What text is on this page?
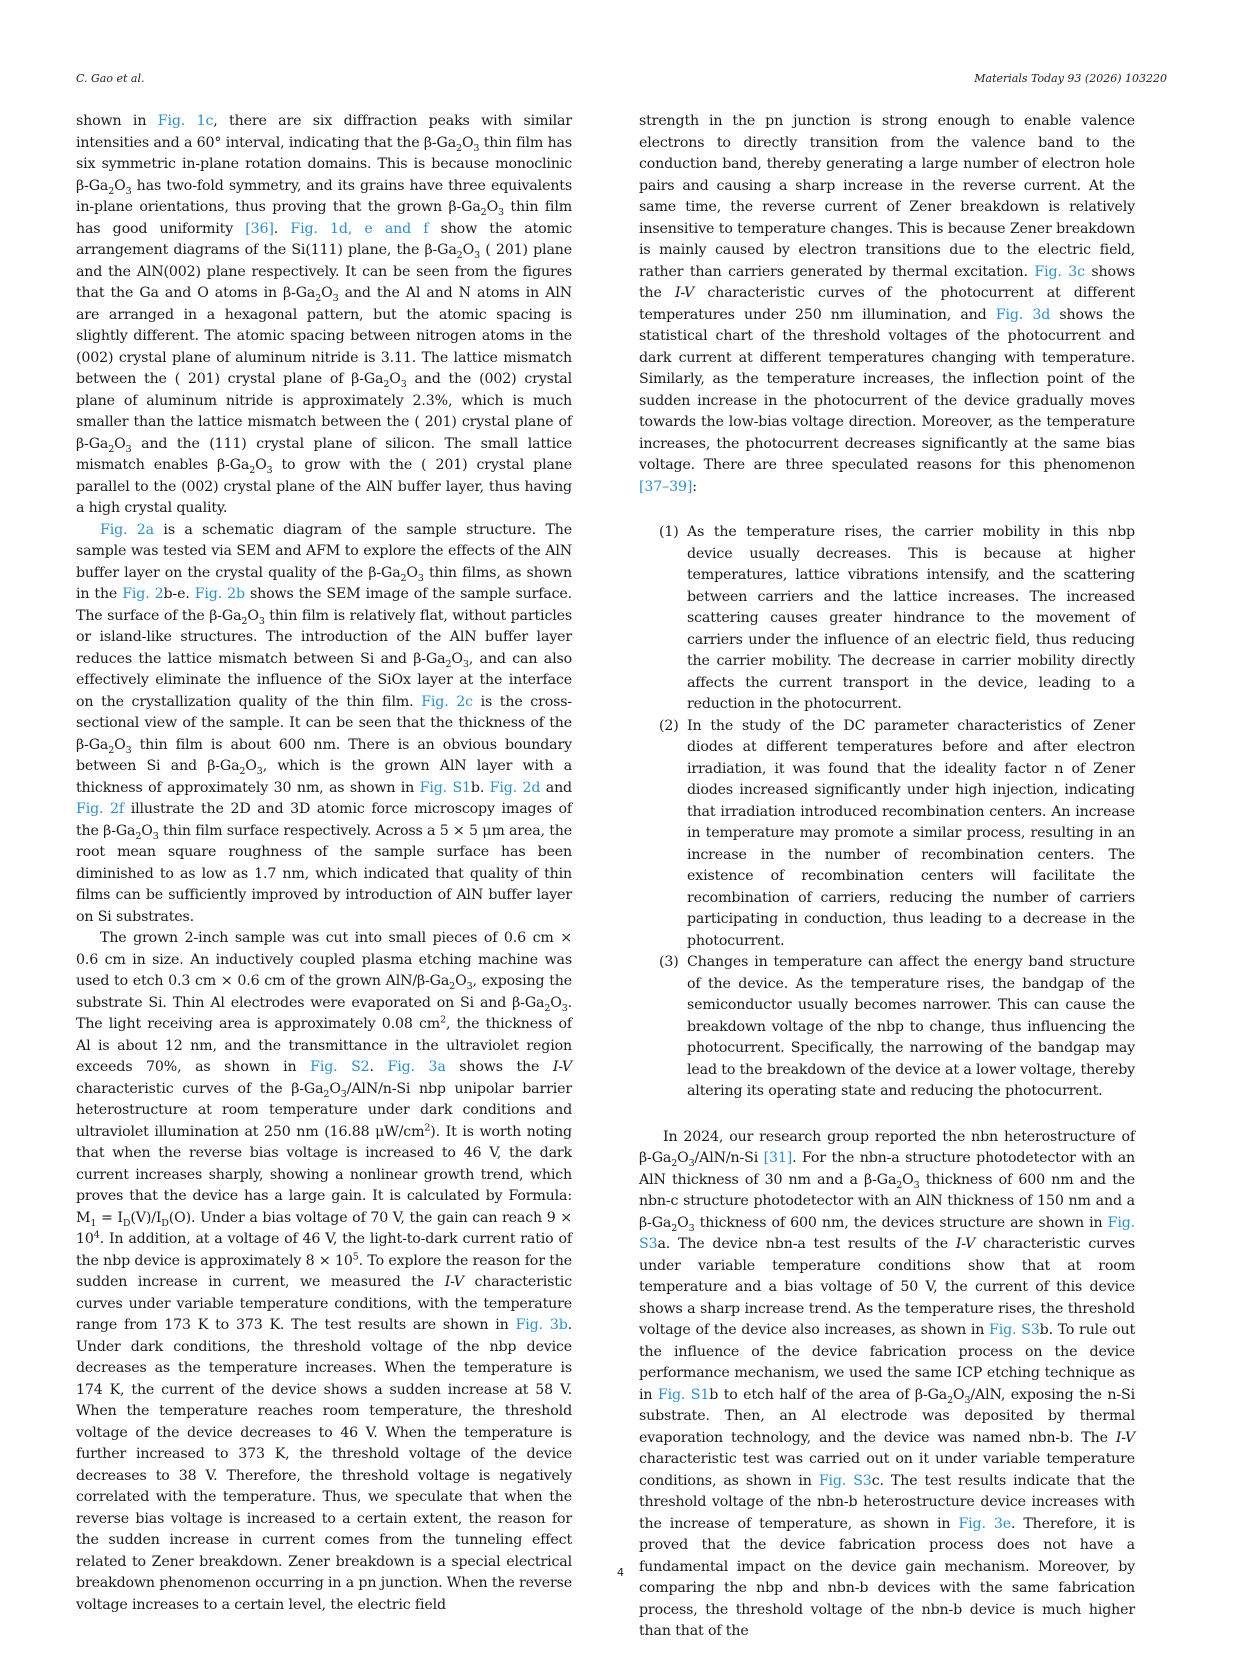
C. Gao et al.	Materials Today 93 (2026) 103220

shown in Fig. 1c, there are six diffraction peaks with similar intensities and a 60° interval, indicating that the $\beta-Ga_2O_3$ thin film has six symmetric in-plane rotation domains. This is because monoclinic $\beta-Ga_2O_3$ has two-fold symmetry, and its grains have three equivalents in-plane orientations, thus proving that the grown $\beta-Ga_2O_3$ thin film has good uniformity [36]. Fig. 1d, e and f show the atomic arrangement diagrams of the Si(111) plane, the $\beta-Ga_2O_3$ ( 201) plane and the AlN(002) plane respectively. It can be seen from the figures that the Ga and O atoms in $\beta-Ga_2O_3$ and the Al and N atoms in AlN are arranged in a hexagonal pattern, but the atomic spacing is slightly different. The atomic spacing between nitrogen atoms in the (002) crystal plane of aluminum nitride is 3.11. The lattice mismatch between the ( 201) crystal plane of $\beta-Ga_2O_3$ and the (002) crystal plane of aluminum nitride is approximately 2.3%, which is much smaller than the lattice mismatch between the ( 201) crystal plane of $\beta-Ga_2O_3$ and the (111) crystal plane of silicon. The small lattice mismatch enables $\beta-Ga_2O_3$ to grow with the ( 201) crystal plane parallel to the (002) crystal plane of the AlN buffer layer, thus having a high crystal quality.

Fig. 2a is a schematic diagram of the sample structure. The sample was tested via SEM and AFM to explore the effects of the AlN buffer layer on the crystal quality of the $\beta-Ga_2O_3$ thin films, as shown in the Fig. 2b-e. Fig. 2b shows the SEM image of the sample surface. The surface of the $\beta-Ga_2O_3$ thin film is relatively flat, without particles or island-like structures. The introduction of the AlN buffer layer reduces the lattice mismatch between Si and $\beta-Ga_2O_3$, and can also effectively eliminate the influence of the SiOx layer at the interface on the crystallization quality of the thin film. Fig. 2c is the cross-sectional view of the sample. It can be seen that the thickness of the $\beta-Ga_2O_3$ thin film is about 600 nm. There is an obvious boundary between Si and $\beta-Ga_2O_3$, which is the grown AlN layer with a thickness of approximately 30 nm, as shown in Fig. S1b. Fig. 2d and Fig. 2f illustrate the 2D and 3D atomic force microscopy images of the $\beta-Ga_2O_3$ thin film surface respectively. Across a 5 × 5 μm area, the root mean square roughness of the sample surface has been diminished to as low as 1.7 nm, which indicated that quality of thin films can be sufficiently improved by introduction of AlN buffer layer on Si substrates.

The grown 2-inch sample was cut into small pieces of 0.6 cm × 0.6 cm in size. An inductively coupled plasma etching machine was used to etch 0.3 cm × 0.6 cm of the grown AlN/$\beta-Ga_2O_3$, exposing the substrate Si. Thin Al electrodes were evaporated on Si and $\beta-Ga_2O_3$. The light receiving area is approximately 0.08 $cm^2$, the thickness of Al is about 12 nm, and the transmittance in the ultraviolet region exceeds 70%, as shown in Fig. S2. Fig. 3a shows the I-V characteristic curves of the $\beta-Ga_2O_3/AlN/n-Si$ nbp unipolar barrier heterostructure at room temperature under dark conditions and ultraviolet illumination at 250 nm (16.88 $\mu W/cm^2$). It is worth noting that when the reverse bias voltage is increased to 46 V, the dark current increases sharply, showing a nonlinear growth trend, which proves that the device has a large gain. It is calculated by Formula: $M_1 = I_D(V)/I_D(O)$. Under a bias voltage of 70 V, the gain can reach $9 \times 10^4$. In addition, at a voltage of 46 V, the light-to-dark current ratio of the nbp device is approximately $8 \times 10^5$. To explore the reason for the sudden increase in current, we measured the I-V characteristic curves under variable temperature conditions, with the temperature range from 173 K to 373 K. The test results are shown in Fig. 3b. Under dark conditions, the threshold voltage of the nbp device decreases as the temperature increases. When the temperature is 174 K, the current of the device shows a sudden increase at 58 V. When the temperature reaches room temperature, the threshold voltage of the device decreases to 46 V. When the temperature is further increased to 373 K, the threshold voltage of the device decreases to 38 V. Therefore, the threshold voltage is negatively correlated with the temperature. Thus, we speculate that when the reverse bias voltage is increased to a certain extent, the reason for the sudden increase in current comes from the tunneling effect related to Zener breakdown. Zener breakdown is a special electrical breakdown phenomenon occurring in a pn junction. When the reverse voltage increases to a certain level, the electric field

strength in the pn junction is strong enough to enable valence electrons to directly transition from the valence band to the conduction band, thereby generating a large number of electron hole pairs and causing a sharp increase in the reverse current. At the same time, the reverse current of Zener breakdown is relatively insensitive to temperature changes. This is because Zener breakdown is mainly caused by electron transitions due to the electric field, rather than carriers generated by thermal excitation. Fig. 3c shows the I-V characteristic curves of the photocurrent at different temperatures under 250 nm illumination, and Fig. 3d shows the statistical chart of the threshold voltages of the photocurrent and dark current at different temperatures changing with temperature. Similarly, as the temperature increases, the inflection point of the sudden increase in the photocurrent of the device gradually moves towards the low-bias voltage direction. Moreover, as the temperature increases, the photocurrent decreases significantly at the same bias voltage. There are three speculated reasons for this phenomenon [37–39]:

(1) As the temperature rises, the carrier mobility in this nbp device usually decreases. This is because at higher temperatures, lattice vibrations intensify, and the scattering between carriers and the lattice increases. The increased scattering causes greater hindrance to the movement of carriers under the influence of an electric field, thus reducing the carrier mobility. The decrease in carrier mobility directly affects the current transport in the device, leading to a reduction in the photocurrent.
(2) In the study of the DC parameter characteristics of Zener diodes at different temperatures before and after electron irradiation, it was found that the ideality factor n of Zener diodes increased significantly under high injection, indicating that irradiation introduced recombination centers. An increase in temperature may promote a similar process, resulting in an increase in the number of recombination centers. The existence of recombination centers will facilitate the recombination of carriers, reducing the number of carriers participating in conduction, thus leading to a decrease in the photocurrent.
(3) Changes in temperature can affect the energy band structure of the device. As the temperature rises, the bandgap of the semiconductor usually becomes narrower. This can cause the breakdown voltage of the nbp to change, thus influencing the photocurrent. Specifically, the narrowing of the bandgap may lead to the breakdown of the device at a lower voltage, thereby altering its operating state and reducing the photocurrent.

In 2024, our research group reported the nbn heterostructure of $\beta-Ga_2O_3/AlN/n-Si$ [31]. For the nbn-a structure photodetector with an AlN thickness of 30 nm and a $\beta-Ga_2O_3$ thickness of 600 nm and the nbn-c structure photodetector with an AlN thickness of 150 nm and a $\beta-Ga_2O_3$ thickness of 600 nm, the devices structure are shown in Fig. S3a. The device nbn-a test results of the I-V characteristic curves under variable temperature conditions show that at room temperature and a bias voltage of 50 V, the current of this device shows a sharp increase trend. As the temperature rises, the threshold voltage of the device also increases, as shown in Fig. S3b. To rule out the influence of the device fabrication process on the device performance mechanism, we used the same ICP etching technique as in Fig. S1b to etch half of the area of $\beta-Ga_2O_3$/AlN, exposing the n-Si substrate. Then, an Al electrode was deposited by thermal evaporation technology, and the device was named nbn-b. The I-V characteristic test was carried out on it under variable temperature conditions, as shown in Fig. S3c. The test results indicate that the threshold voltage of the nbn-b heterostructure device increases with the increase of temperature, as shown in Fig. 3e. Therefore, it is proved that the device fabrication process does not have a fundamental impact on the device gain mechanism. Moreover, by comparing the nbp and nbn-b devices with the same fabrication process, the threshold voltage of the nbn-b device is much higher than that of the

4
